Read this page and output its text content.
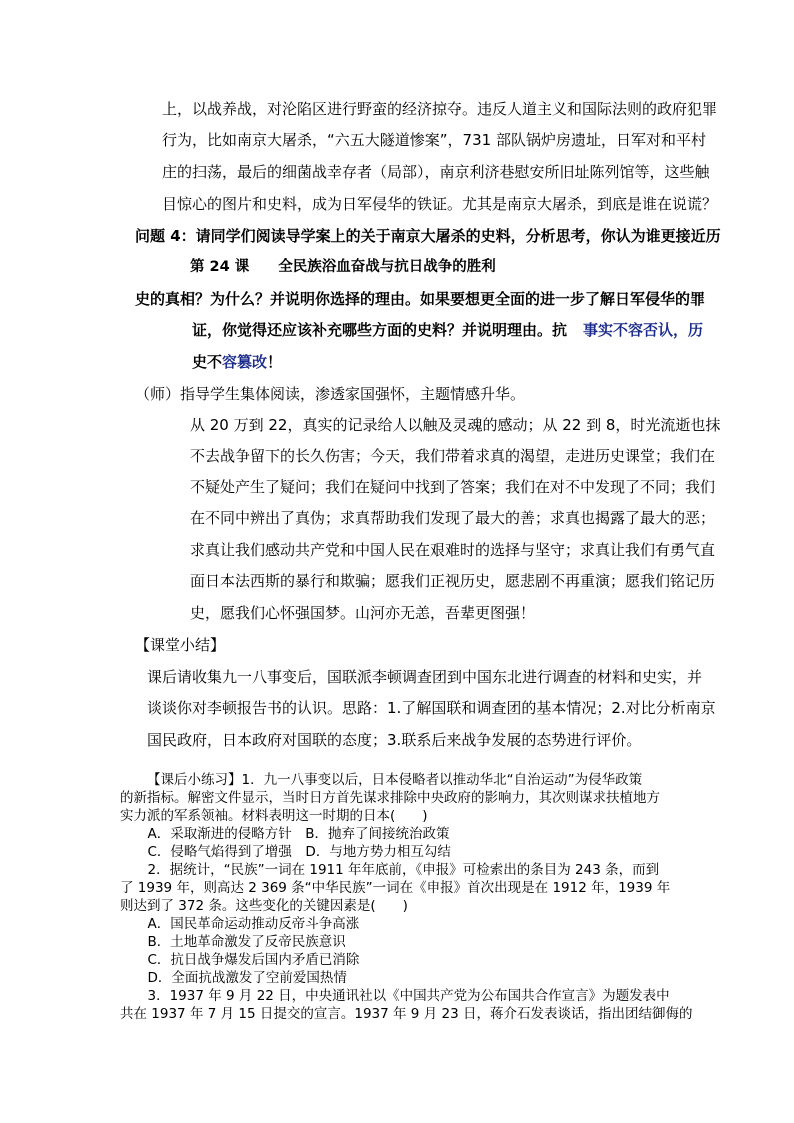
上，以战养战，对沦陷区进行野蛮的经济掠夺。违反人道主义和国际法则的政府犯罪
行为，比如南京大屠杀，“六五大隧道惨案”，731 部队锅炉房遗址，日军对和平村
庄的扫荡，最后的细菌战幸存者（局部），南京利济巷慰安所旧址陈列馆等，这些触
目惊心的图片和史料，成为日军侵华的铁证。尤其是南京大屠杀，到底是谁在说谎？
问题 4：请同学们阅读导学案上的关于南京大屠杀的史料，分析思考，你认为谁更接近历
第 24 课　　全民族浴血奋战与抗日战争的胜利
史的真相？为什么？并说明你选择的理由。如果要想更全面的进一步了解日军侵华的罪
证，你觉得还应该补充哪些方面的史料？并说明理由。抗 事实不容否认，历
史不容篡改！
（师）指导学生集体阅读，渗透家国强怀，主题情感升华。
从 20 万到 22，真实的记录给人以触及灵魂的感动；从 22 到 8，时光流逝也抹
不去战争留下的长久伤害；今天，我们带着求真的渴望，走进历史课堂；我们在
不疑处产生了疑问；我们在疑问中找到了答案；我们在对不中发现了不同；我们
在不同中辨出了真伪；求真帮助我们发现了最大的善；求真也揭露了最大的恶；
求真让我们感动共产党和中国人民在艰难时的选择与坚守；求真让我们有勇气直
面日本法西斯的暴行和欺骗；愿我们正视历史，愿悲剧不再重演；愿我们铭记历
史，愿我们心怀强国梦。山河亦无恙，吾辈更图强！
【课堂小结】
课后请收集九一八事变后，国联派李顿调查团到中国东北进行调查的材料和史实，并
谈谈你对李顿报告书的认识。思路：1.了解国联和调查团的基本情况；2.对比分析南京
国民政府，日本政府对国联的态度；3.联系后来战争发展的态势进行评价。
【课后小练习】1．九一八事变以后，日本侵略者以推动华北“自治运动”为侵华政策
的新指标。解密文件显示，当时日方首先谋求排除中央政府的影响力，其次则谋求扶植地方
实力派的军系领袖。材料表明这一时期的日本(　　)
　A．采取渐进的侵略方针　B．抛弃了间接统治政策
　C．侵略气焰得到了增强　D．与地方势力相互勾结
　2．据统计，“民族”一词在 1911 年年底前，《申报》可检索出的条目为 243 条，而到
了 1939 年，则高达 2 369 条“中华民族”一词在《申报》首次出现是在 1912 年，1939 年
则达到了 372 条。这些变化的关键因素是(　　)
　A．国民革命运动推动反帝斗争高涨
　B．土地革命激发了反帝民族意识
　C．抗日战争爆发后国内矛盾已消除
　D．全面抗战激发了空前爱国热情
　3．1937 年 9 月 22 日，中央通讯社以《中国共产党为公布国共合作宣言》为题发表中
共在 1937 年 7 月 15 日提交的宣言。1937 年 9 月 23 日，蒋介石发表谈话，指出团结御侮的
